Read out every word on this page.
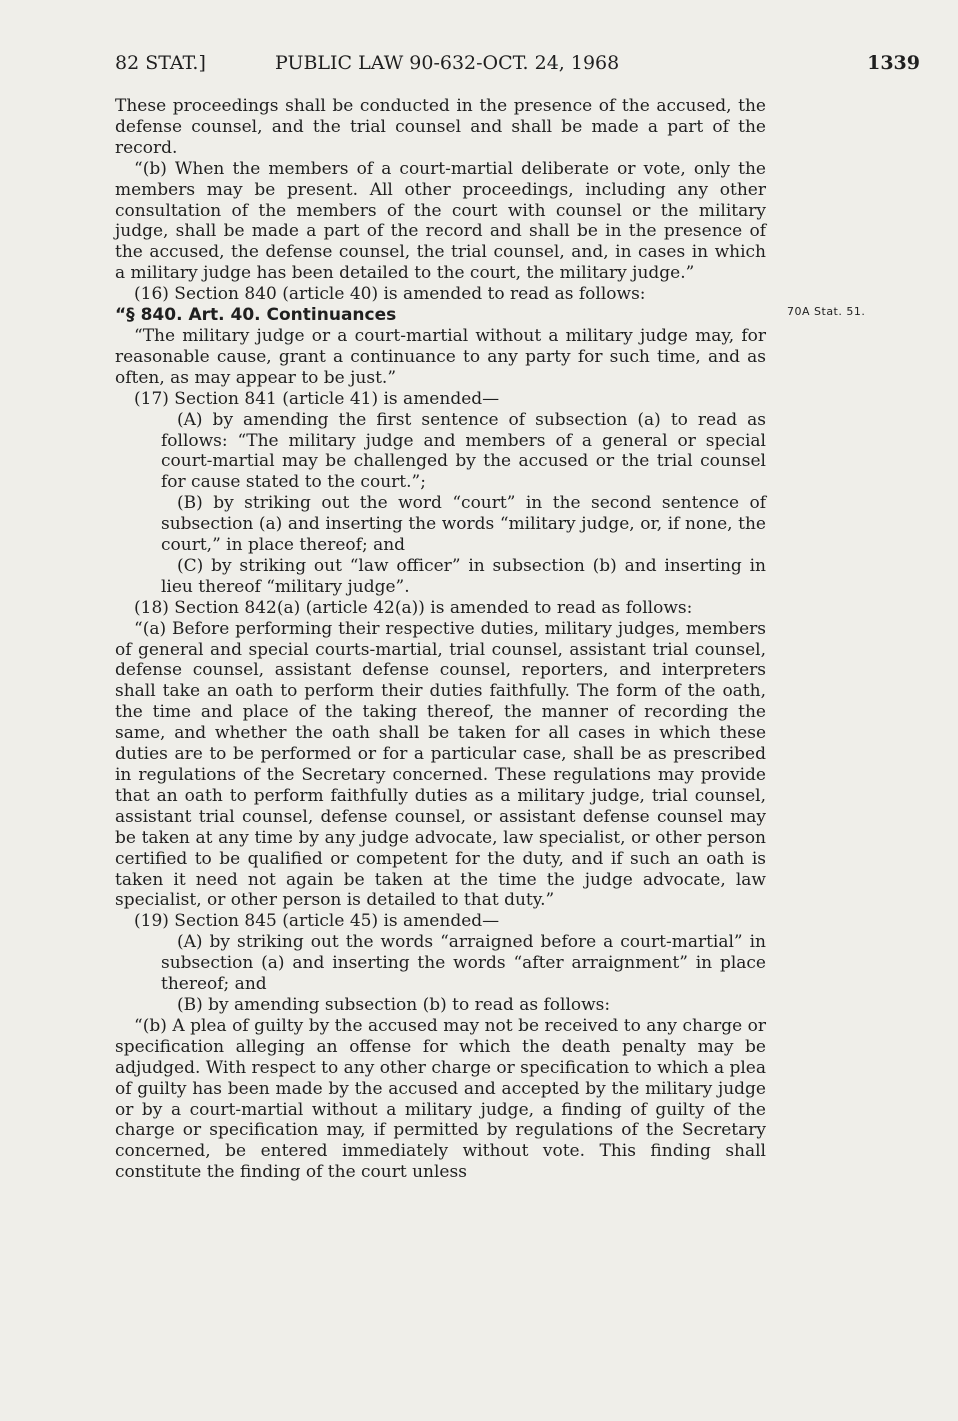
82 STAT.]	PUBLIC LAW 90-632-OCT. 24, 1968	1339
70A Stat. 51.

These proceedings shall be conducted in the presence of the accused, the defense counsel, and the trial counsel and shall be made a part of the record.

“(b) When the members of a court-martial deliberate or vote, only the members may be present. All other proceedings, including any other consultation of the members of the court with counsel or the military judge, shall be made a part of the record and shall be in the presence of the accused, the defense counsel, the trial counsel, and, in cases in which a military judge has been detailed to the court, the military judge.”

(16) Section 840 (article 40) is amended to read as follows:

“§ 840. Art. 40. Continuances

“The military judge or a court-martial without a military judge may, for reasonable cause, grant a continuance to any party for such time, and as often, as may appear to be just.”

(17) Section 841 (article 41) is amended—

(A) by amending the first sentence of subsection (a) to read as follows: “The military judge and members of a general or special court-martial may be challenged by the accused or the trial counsel for cause stated to the court.”;

(B) by striking out the word “court” in the second sentence of subsection (a) and inserting the words “military judge, or, if none, the court,” in place thereof; and

(C) by striking out “law officer” in subsection (b) and inserting in lieu thereof “military judge”.

(18) Section 842(a) (article 42(a)) is amended to read as follows:

“(a) Before performing their respective duties, military judges, members of general and special courts-martial, trial counsel, assistant trial counsel, defense counsel, assistant defense counsel, reporters, and interpreters shall take an oath to perform their duties faithfully. The form of the oath, the time and place of the taking thereof, the manner of recording the same, and whether the oath shall be taken for all cases in which these duties are to be performed or for a particular case, shall be as prescribed in regulations of the Secretary concerned. These regulations may provide that an oath to perform faithfully duties as a military judge, trial counsel, assistant trial counsel, defense counsel, or assistant defense counsel may be taken at any time by any judge advocate, law specialist, or other person certified to be qualified or competent for the duty, and if such an oath is taken it need not again be taken at the time the judge advocate, law specialist, or other person is detailed to that duty.”

(19) Section 845 (article 45) is amended—

(A) by striking out the words “arraigned before a court-martial” in subsection (a) and inserting the words “after arraignment” in place thereof; and

(B) by amending subsection (b) to read as follows:

“(b) A plea of guilty by the accused may not be received to any charge or specification alleging an offense for which the death penalty may be adjudged. With respect to any other charge or specification to which a plea of guilty has been made by the accused and accepted by the military judge or by a court-martial without a military judge, a finding of guilty of the charge or specification may, if permitted by regulations of the Secretary concerned, be entered immediately without vote. This finding shall constitute the finding of the court unless
